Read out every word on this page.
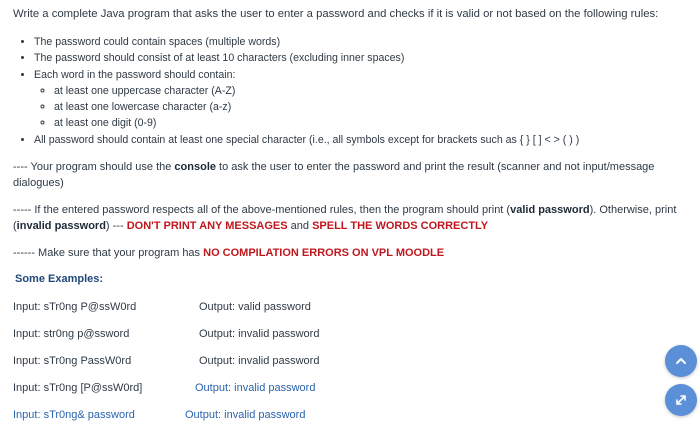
Write a complete Java program that asks the user to enter a password and checks if it is valid or not based on the following rules:
• The password could contain spaces (multiple words)
• The password should consist of at least 10 characters (excluding inner spaces)
• Each word in the password should contain:
◦ at least one uppercase character (A-Z)
◦ at least one lowercase character (a-z)
◦ at least one digit (0-9)
• All password should contain at least one special character (i.e., all symbols except for brackets such as { } [ ] < > ( ) )
---- Your program should use the console to ask the user to enter the password and print the result (scanner and not input/message dialogues)
----- If the entered password respects all of the above-mentioned rules, then the program should print (valid password). Otherwise, print (invalid password) --- DON'T PRINT ANY MESSAGES and SPELL THE WORDS CORRECTLY
------ Make sure that your program has NO COMPILATION ERRORS ON VPL MOODLE
Some Examples:
Input: sTr0ng P@ssW0rd	Output: valid password
Input: str0ng p@ssword	Output: invalid password
Input: sTr0ng PassW0rd	Output: invalid password
Input: sTr0ng [P@ssW0rd]	Output: invalid password
Input: sTr0ng& password	Output: invalid password
